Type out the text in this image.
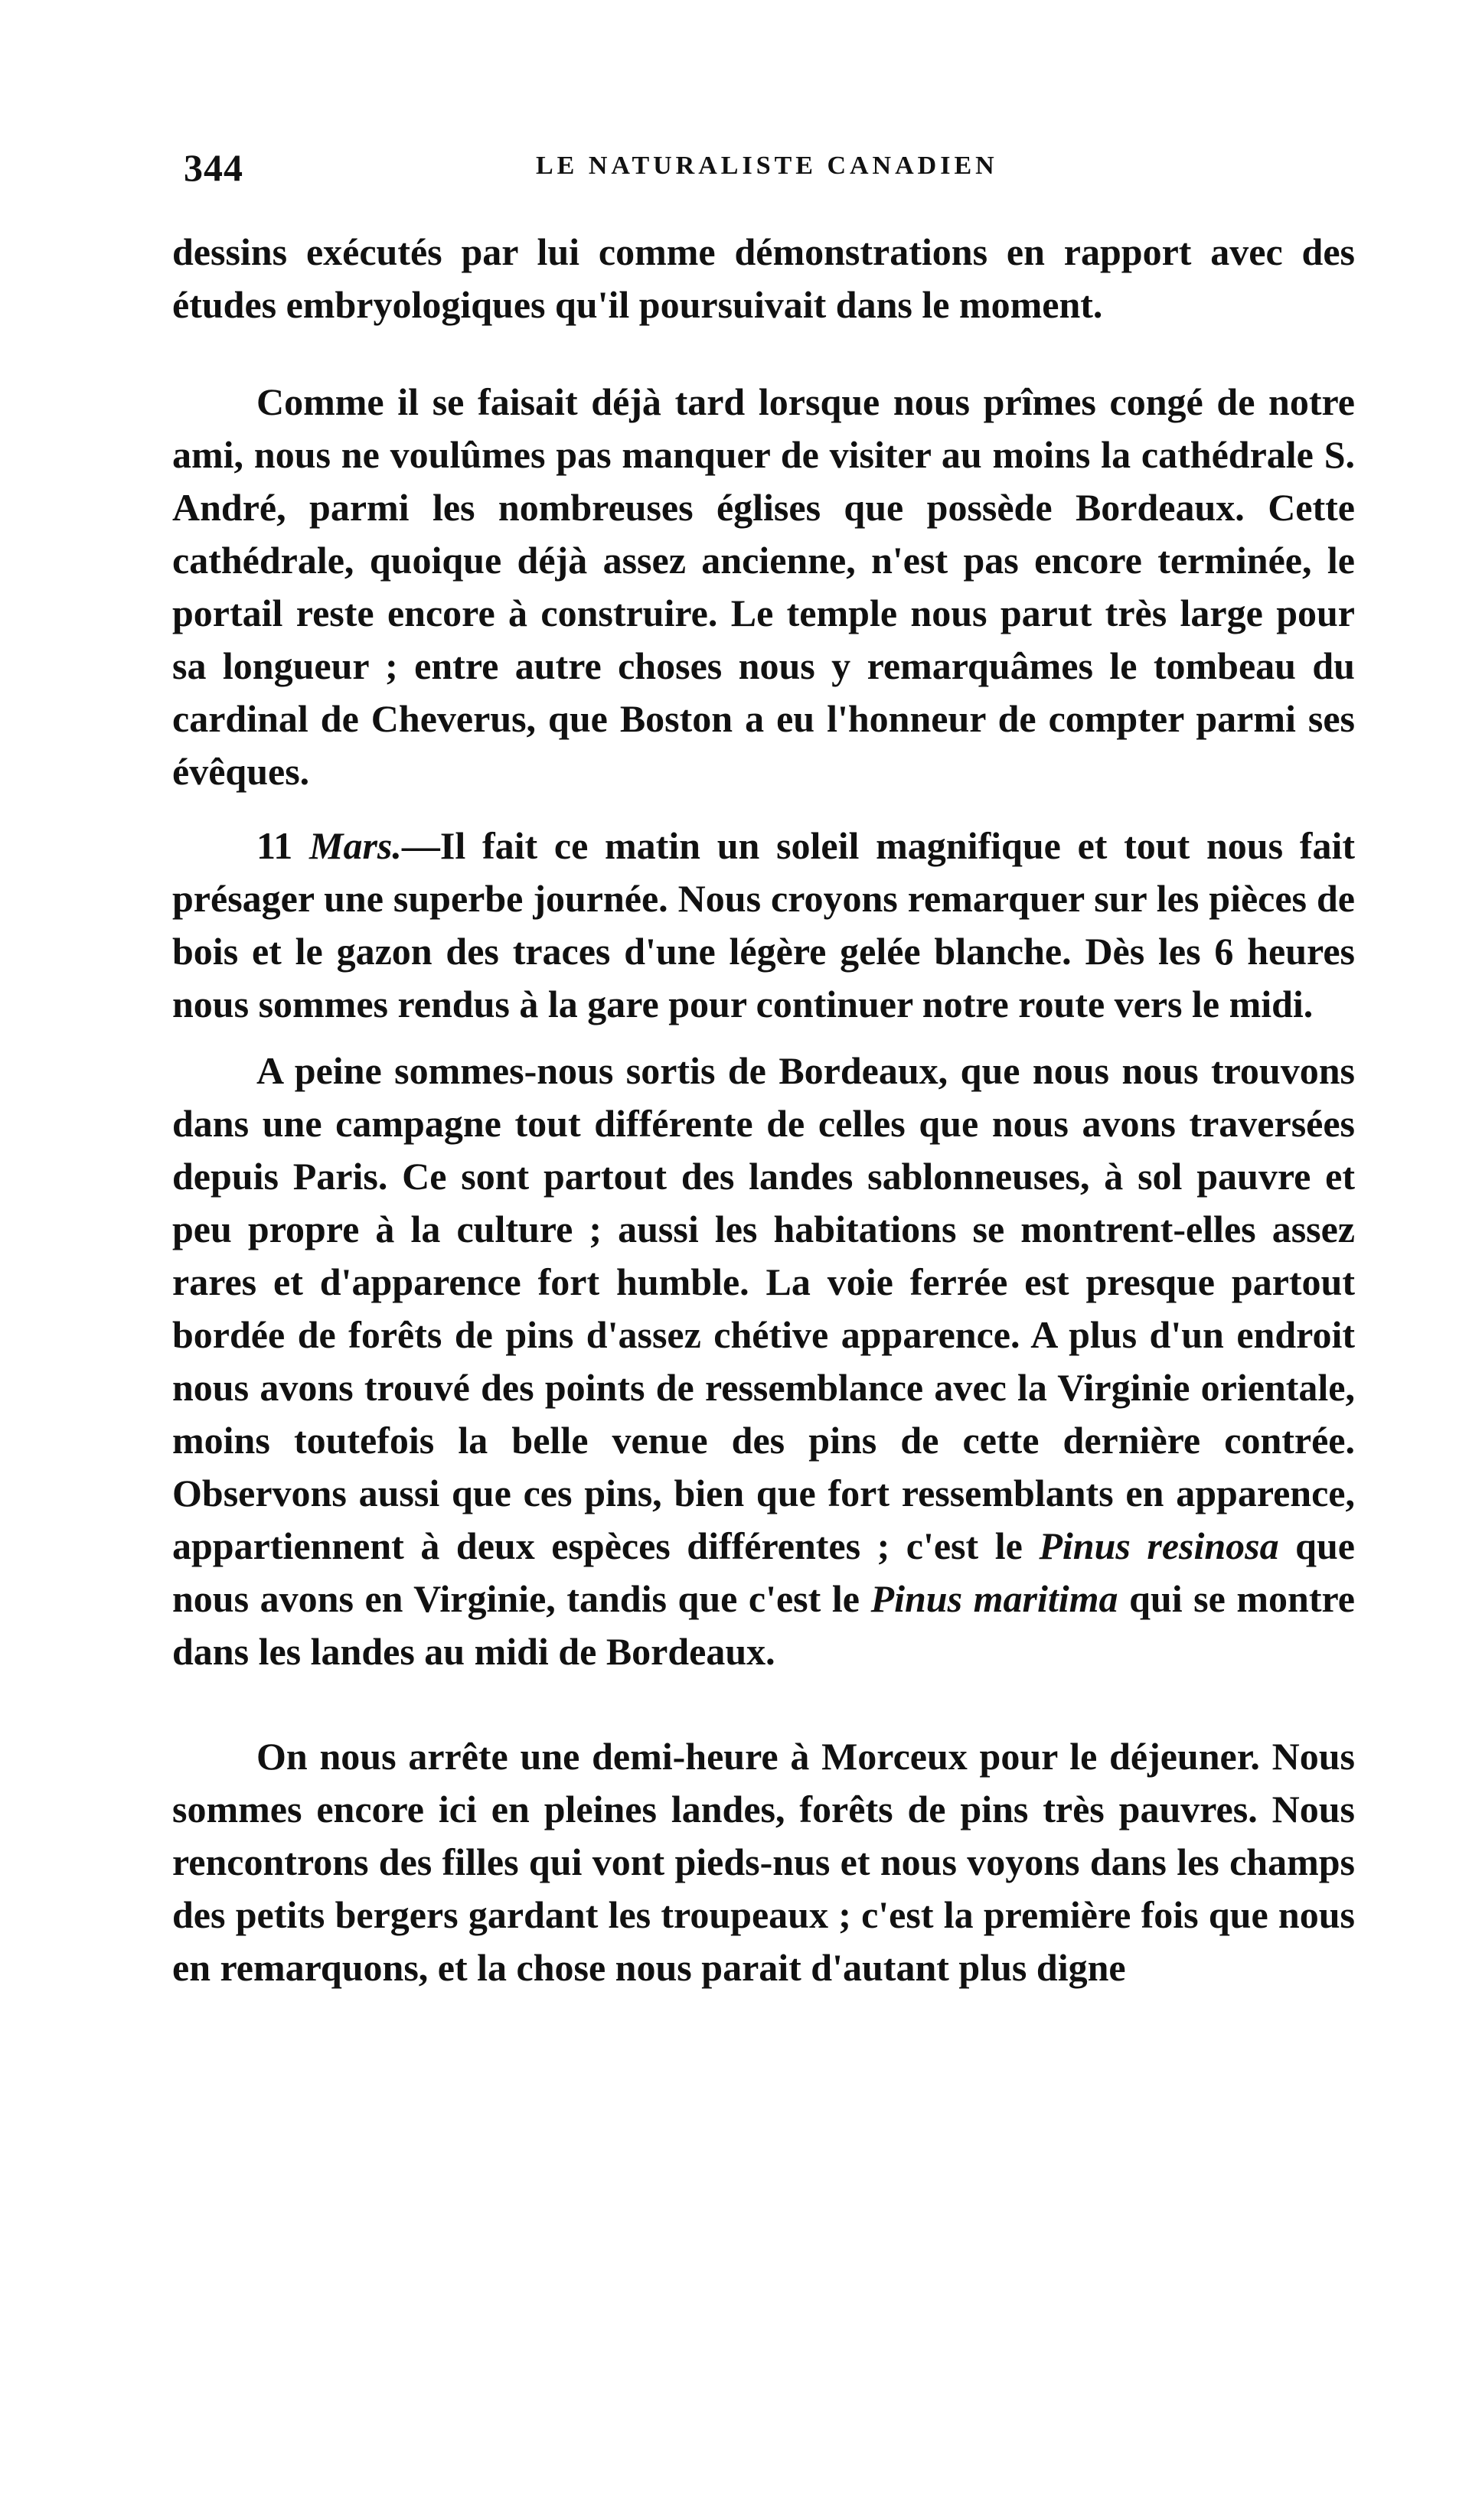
344	LE NATURALISTE CANADIEN

dessins exécutés par lui comme démonstrations en rapport avec des études embryologiques qu'il poursuivait dans le moment.

Comme il se faisait déjà tard lorsque nous prîmes congé de notre ami, nous ne voulûmes pas manquer de visiter au moins la cathédrale S. André, parmi les nombreuses églises que possède Bordeaux. Cette cathédrale, quoique déjà assez ancienne, n'est pas encore terminée, le portail reste encore à construire. Le temple nous parut très large pour sa longueur ; entre autre choses nous y remarquâmes le tombeau du cardinal de Cheverus, que Boston a eu l'honneur de compter parmi ses évêques.

11 Mars.—Il fait ce matin un soleil magnifique et tout nous fait présager une superbe journée. Nous croyons remarquer sur les pièces de bois et le gazon des traces d'une légère gelée blanche. Dès les 6 heures nous sommes rendus à la gare pour continuer notre route vers le midi.

A peine sommes-nous sortis de Bordeaux, que nous nous trouvons dans une campagne tout différente de celles que nous avons traversées depuis Paris. Ce sont partout des landes sablonneuses, à sol pauvre et peu propre à la culture ; aussi les habitations se montrent-elles assez rares et d'apparence fort humble. La voie ferrée est presque partout bordée de forêts de pins d'assez chétive apparence. A plus d'un endroit nous avons trouvé des points de ressemblance avec la Virginie orientale, moins toutefois la belle venue des pins de cette dernière contrée. Observons aussi que ces pins, bien que fort ressemblants en apparence, appartiennent à deux espèces différentes ; c'est le Pinus resinosa que nous avons en Virginie, tandis que c'est le Pinus maritima qui se montre dans les landes au midi de Bordeaux.

On nous arrête une demi-heure à Morceux pour le déjeuner. Nous sommes encore ici en pleines landes, forêts de pins très pauvres. Nous rencontrons des filles qui vont pieds-nus et nous voyons dans les champs des petits bergers gardant les troupeaux ; c'est la première fois que nous en remarquons, et la chose nous parait d'autant plus digne
